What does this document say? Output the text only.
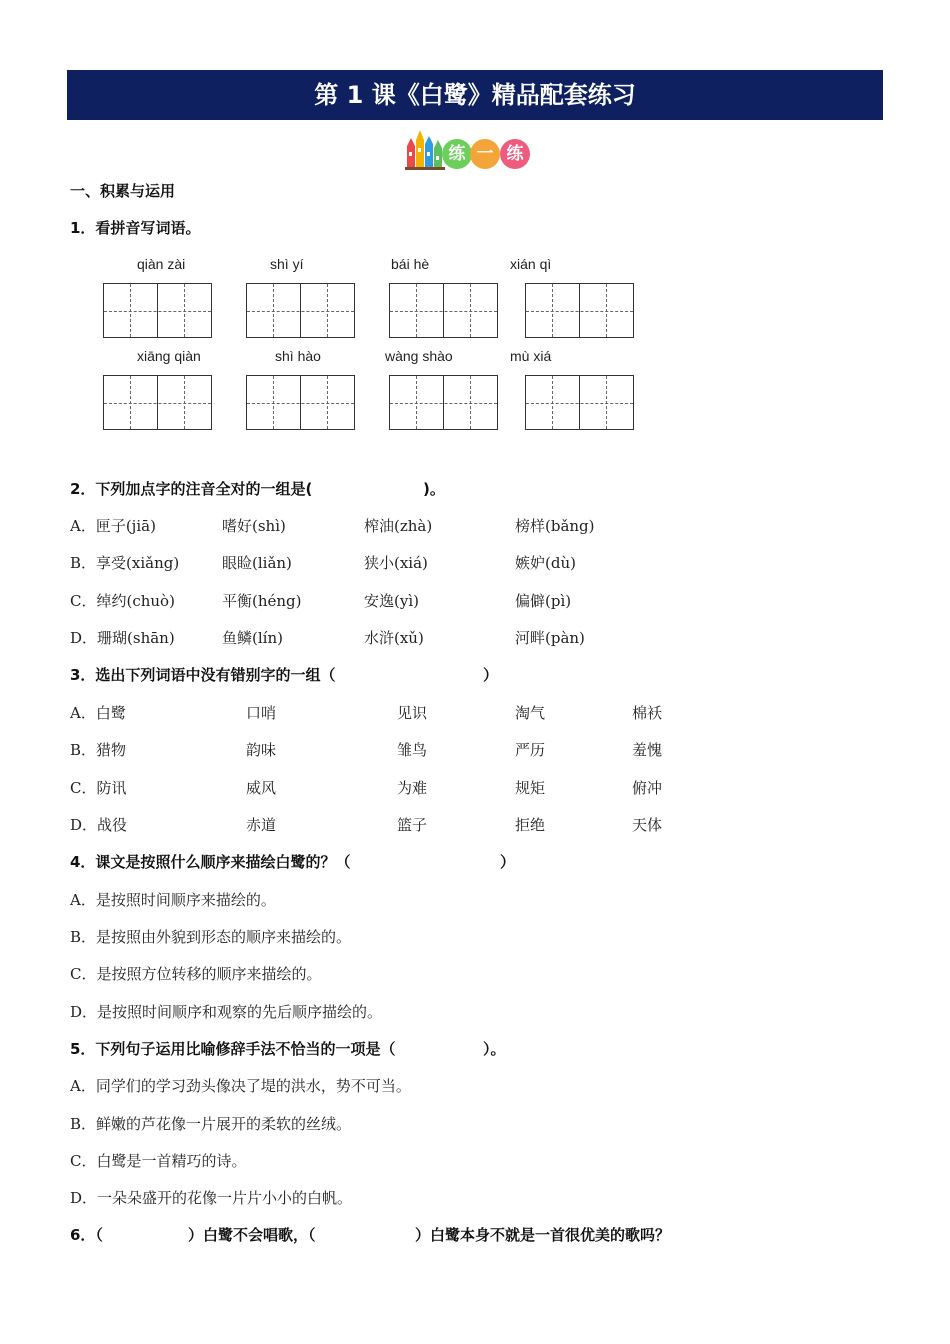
第 1 课《白鹭》精品配套练习
练 一 练
一、积累与运用
1．看拼音写词语。
qiàn zài	shì yí	bái hè	xián qì
xiāng qiàn	shì hào	wàng shào	mù xiá
2．下列加点字的注音全对的一组是(	)。
A．匣子(jiā)	嗜好(shì)	榨油(zhà)	榜样(bǎng)
B．享受(xiǎng)	眼睑(liǎn)	狭小(xiá)	嫉妒(dù)
C．绰约(chuò)	平衡(héng)	安逸(yì)	偏僻(pì)
D．珊瑚(shān)	鱼鳞(lín)	水浒(xǔ)	河畔(pàn)
3．选出下列词语中没有错别字的一组（	）
A．白鹭	口哨	见识	淘气	棉袄
B．猎物	韵味	雏鸟	严历	羞愧
C．防讯	威风	为难	规矩	俯冲
D．战役	赤道	篮子	拒绝	天体
4．课文是按照什么顺序来描绘白鹭的？（	）
A．是按照时间顺序来描绘的。
B．是按照由外貌到形态的顺序来描绘的。
C．是按照方位转移的顺序来描绘的。
D．是按照时间顺序和观察的先后顺序描绘的。
5．下列句子运用比喻修辞手法不恰当的一项是（	）。
A．同学们的学习劲头像决了堤的洪水，势不可当。
B．鲜嫩的芦花像一片展开的柔软的丝绒。
C．白鹭是一首精巧的诗。
D．一朵朵盛开的花像一片片小小的白帆。
6．（	）白鹭不会唱歌，（	）白鹭本身不就是一首很优美的歌吗？
